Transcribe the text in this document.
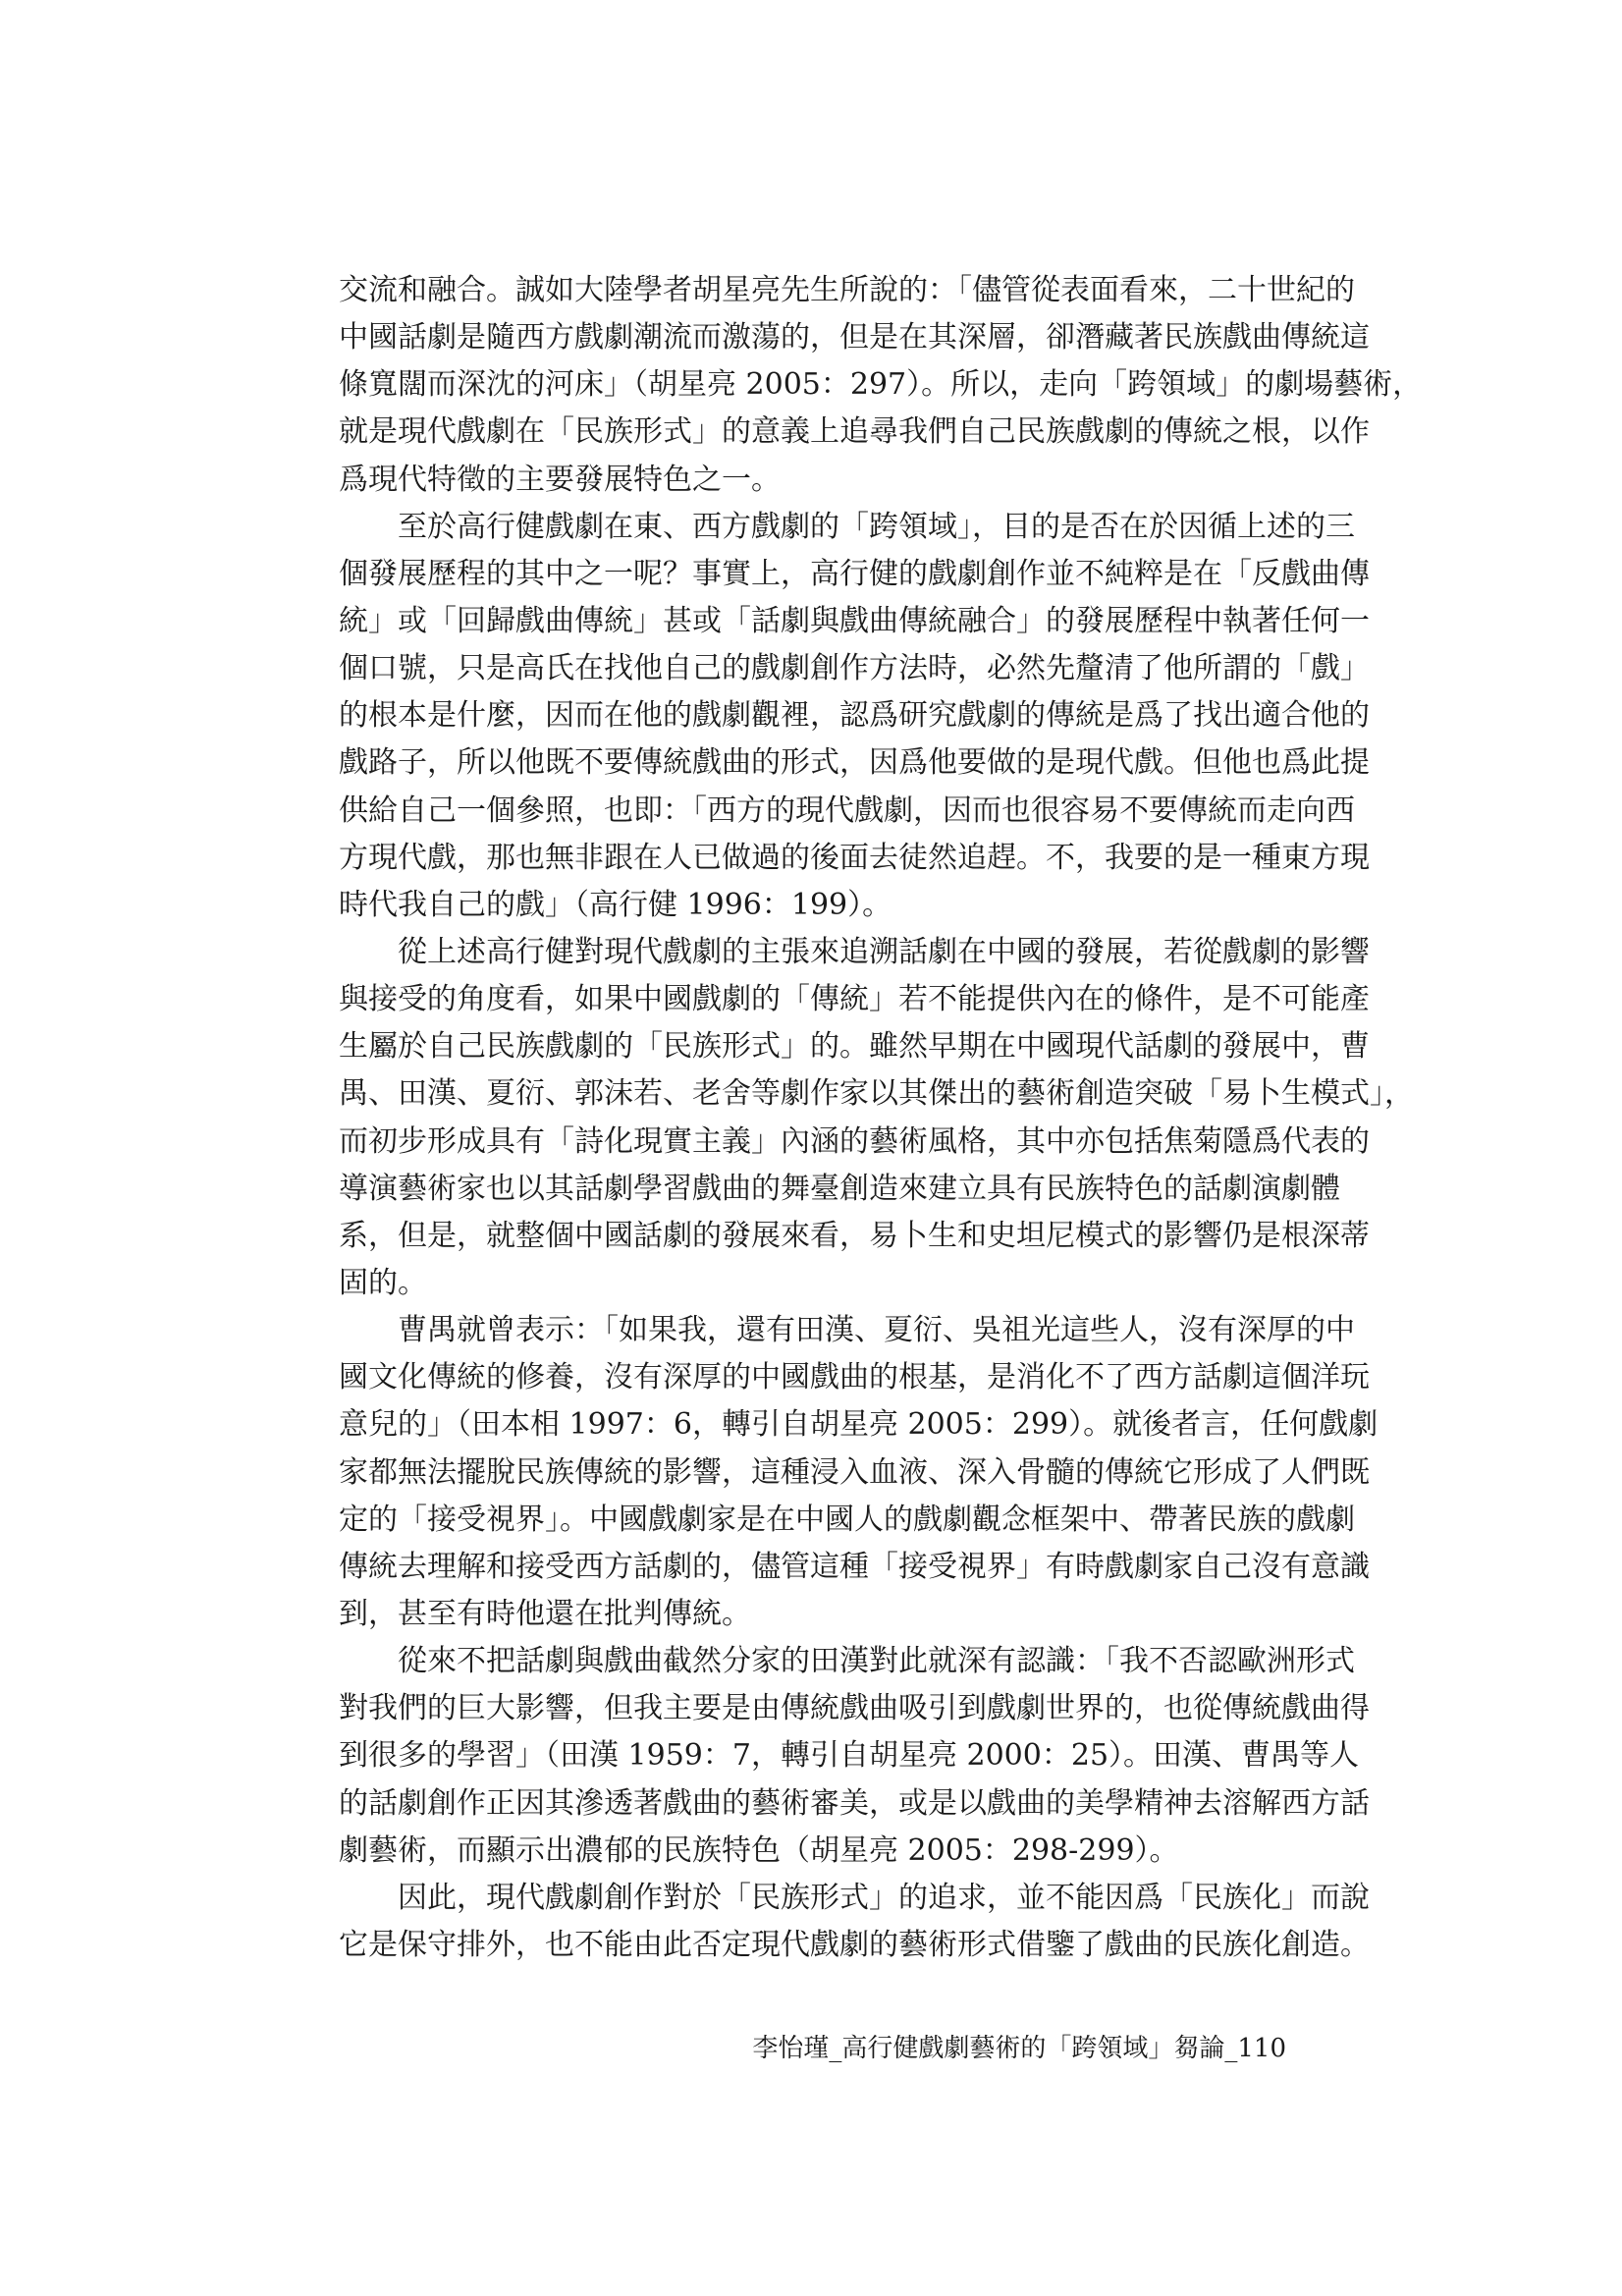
交流和融合。誠如大陸學者胡星亮先生所說的：「儘管從表面看來，二十世紀的
中國話劇是隨西方戲劇潮流而激蕩的，但是在其深層，卻潛藏著民族戲曲傳統這
條寬闊而深沈的河床」（胡星亮 2005：297）。所以，走向「跨領域」的劇場藝術，
就是現代戲劇在「民族形式」的意義上追尋我們自己民族戲劇的傳統之根，以作
爲現代特徵的主要發展特色之一。
　　至於高行健戲劇在東、西方戲劇的「跨領域」，目的是否在於因循上述的三
個發展歷程的其中之一呢？事實上，高行健的戲劇創作並不純粹是在「反戲曲傳
統」或「回歸戲曲傳統」甚或「話劇與戲曲傳統融合」的發展歷程中執著任何一
個口號，只是高氏在找他自己的戲劇創作方法時，必然先釐清了他所謂的「戲」
的根本是什麼，因而在他的戲劇觀裡，認爲研究戲劇的傳統是爲了找出適合他的
戲路子，所以他既不要傳統戲曲的形式，因爲他要做的是現代戲。但他也爲此提
供給自己一個參照，也即：「西方的現代戲劇，因而也很容易不要傳統而走向西
方現代戲，那也無非跟在人已做過的後面去徒然追趕。不，我要的是一種東方現
時代我自己的戲」（高行健 1996：199）。
　　從上述高行健對現代戲劇的主張來追溯話劇在中國的發展，若從戲劇的影響
與接受的角度看，如果中國戲劇的「傳統」若不能提供內在的條件，是不可能產
生屬於自己民族戲劇的「民族形式」的。雖然早期在中國現代話劇的發展中，曹
禺、田漢、夏衍、郭沫若、老舍等劇作家以其傑出的藝術創造突破「易卜生模式」，
而初步形成具有「詩化現實主義」內涵的藝術風格，其中亦包括焦菊隱爲代表的
導演藝術家也以其話劇學習戲曲的舞臺創造來建立具有民族特色的話劇演劇體
系，但是，就整個中國話劇的發展來看，易卜生和史坦尼模式的影響仍是根深蒂
固的。
　　曹禺就曾表示：「如果我，還有田漢、夏衍、吳祖光這些人，沒有深厚的中
國文化傳統的修養，沒有深厚的中國戲曲的根基，是消化不了西方話劇這個洋玩
意兒的」（田本相 1997：6，轉引自胡星亮 2005：299）。就後者言，任何戲劇
家都無法擺脫民族傳統的影響，這種浸入血液、深入骨髓的傳統它形成了人們既
定的「接受視界」。中國戲劇家是在中國人的戲劇觀念框架中、帶著民族的戲劇
傳統去理解和接受西方話劇的，儘管這種「接受視界」有時戲劇家自己沒有意識
到，甚至有時他還在批判傳統。
　　從來不把話劇與戲曲截然分家的田漢對此就深有認識：「我不否認歐洲形式
對我們的巨大影響，但我主要是由傳統戲曲吸引到戲劇世界的，也從傳統戲曲得
到很多的學習」（田漢 1959：7，轉引自胡星亮 2000：25）。田漢、曹禺等人
的話劇創作正因其滲透著戲曲的藝術審美，或是以戲曲的美學精神去溶解西方話
劇藝術，而顯示出濃郁的民族特色（胡星亮 2005：298-299）。
　　因此，現代戲劇創作對於「民族形式」的追求，並不能因爲「民族化」而說
它是保守排外，也不能由此否定現代戲劇的藝術形式借鑒了戲曲的民族化創造。
李怡瑾_高行健戲劇藝術的「跨領域」芻論_110
